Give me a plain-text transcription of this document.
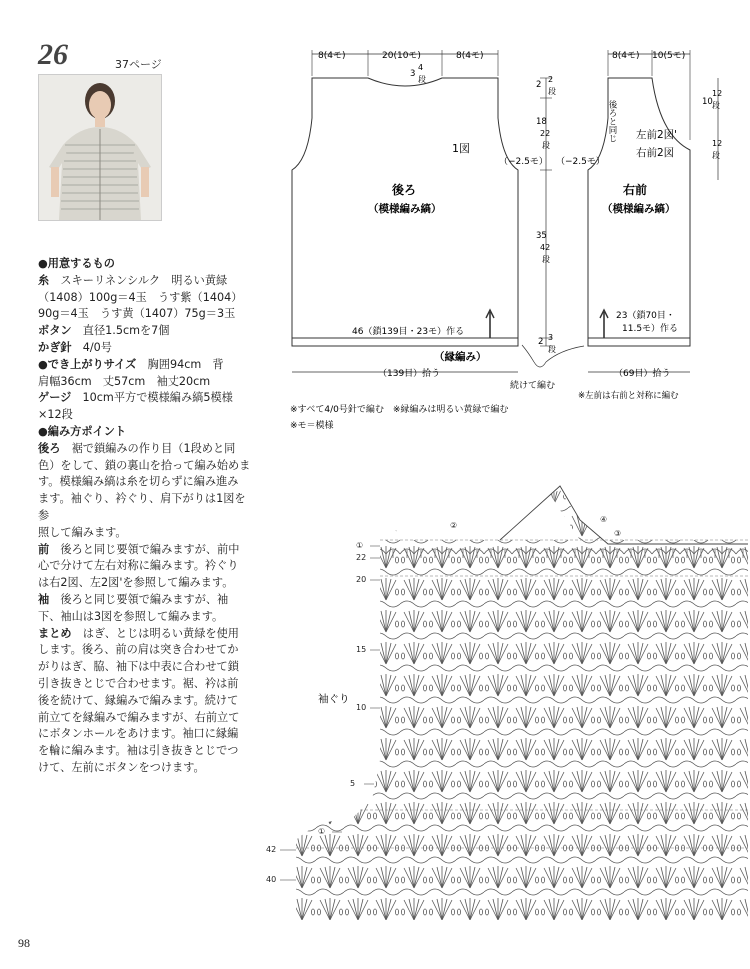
26	37ページ

●用意するもの

糸　 スキーリネンシルク　明るい黄緑

（1408）100g＝4玉　うす紫（1404）

90g＝4玉　うす黄（1407）75g＝3玉

ボタン　 直径1.5cmを7個

かぎ針　 4/0号

●でき上がりサイズ　 胸囲94cm　背

肩幅36cm　丈57cm　袖丈20cm

ゲージ　 10cm平方で模様編み縞5模様

×12段

●編み方ポイント

後ろ　 裾で鎖編みの作り目（1段めと同

色）をして、鎖の裏山を拾って編み始めま

す。模様編み縞は糸を切らずに編み進み

ます。袖ぐり、衿ぐり、肩下がりは1図を参

照して編みます。

前　 後ろと同じ要領で編みますが、前中

心で分けて左右対称に編みます。衿ぐり

は右2図、左2図'を参照して編みます。

袖　 後ろと同じ要領で編みますが、袖

下、袖山は3図を参照して編みます。

まとめ　 はぎ、とじは明るい黄緑を使用

します。後ろ、前の肩は突き合わせてか

がりはぎ、脇、袖下は中表に合わせて鎖

引き抜きとじで合わせます。裾、衿は前

後を続けて、縁編みで編みます。続けて

前立てを縁編みで編みますが、右前立て

にボタンホールをあけます。袖口に縁編

を輪に編みます。袖は引き抜きとじでつ

けて、左前にボタンをつけます。

98
8(4モ)	20(10モ)	8(4モ)
3
4
段
1図
（−2.5モ）
後ろ
（模様編み縞）
46（鎖139目・23モ）作る
（縁編み）
（139目）拾う
2
2
段
18
22
段
35
42
段
2 3
段
続けて編む
8(4モ) 10(5モ)
10
12
段
12
段
後ろと同じ
（−2.5モ）
左前2図'
右前2図
右前
（模様編み縞）
23（鎖70目・
11.5モ）作る
（69目）拾う
※左前は右前と対称に編む
※すべて4/0号針で編む　※縁編みは明るい黄緑で編む
※モ＝模様
①
②
④
③
22
20
15
10
5
①
42
40
袖ぐり
